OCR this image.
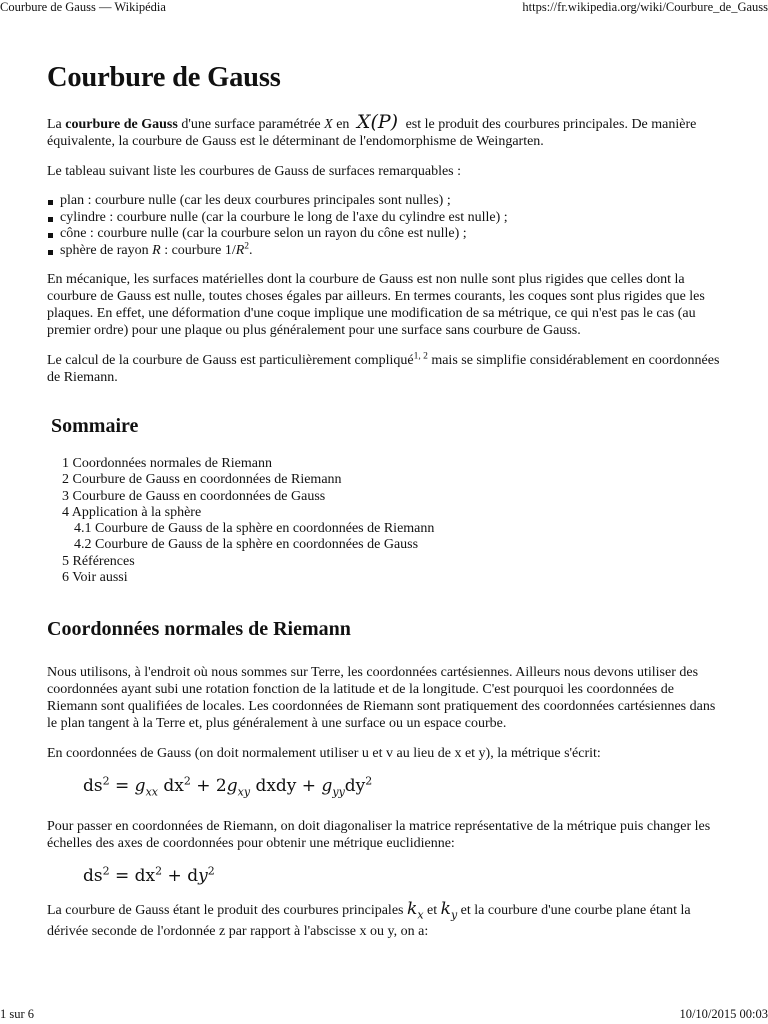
Courbure de Gauss — Wikipédia	https://fr.wikipedia.org/wiki/Courbure_de_Gauss
Courbure de Gauss

La courbure de Gauss d'une surface paramétrée X en X(P) est le produit des courbures principales. De manière équivalente, la courbure de Gauss est le déterminant de l'endomorphisme de Weingarten.

Le tableau suivant liste les courbures de Gauss de surfaces remarquables :

plan : courbure nulle (car les deux courbures principales sont nulles) ;
cylindre : courbure nulle (car la courbure le long de l'axe du cylindre est nulle) ;
cône : courbure nulle (car la courbure selon un rayon du cône est nulle) ;
sphère de rayon R : courbure $1/R^2$.

En mécanique, les surfaces matérielles dont la courbure de Gauss est non nulle sont plus rigides que celles dont la courbure de Gauss est nulle, toutes choses égales par ailleurs. En termes courants, les coques sont plus rigides que les plaques. En effet, une déformation d'une coque implique une modification de sa métrique, ce qui n'est pas le cas (au premier ordre) pour une plaque ou plus généralement pour une surface sans courbure de Gauss.

Le calcul de la courbure de Gauss est particulièrement compliqué$^{1, 2}$ mais se simplifie considérablement en coordonnées de Riemann.

Sommaire
1 Coordonnées normales de Riemann
2 Courbure de Gauss en coordonnées de Riemann
3 Courbure de Gauss en coordonnées de Gauss
4 Application à la sphère
4.1 Courbure de Gauss de la sphère en coordonnées de Riemann
4.2 Courbure de Gauss de la sphère en coordonnées de Gauss
5 Références
6 Voir aussi
Coordonnées normales de Riemann

Nous utilisons, à l'endroit où nous sommes sur Terre, les coordonnées cartésiennes. Ailleurs nous devons utiliser des coordonnées ayant subi une rotation fonction de la latitude et de la longitude. C'est pourquoi les coordonnées de Riemann sont qualifiées de locales. Les coordonnées de Riemann sont pratiquement des coordonnées cartésiennes dans le plan tangent à la Terre et, plus généralement à une surface ou un espace courbe.

En coordonnées de Gauss (on doit normalement utiliser u et v au lieu de x et y), la métrique s'écrit:

$ds^2 = g_{xx}$ $dx^2 + 2g_{xy}$ dxdy + $g_{yy}dy^2$

Pour passer en coordonnées de Riemann, on doit diagonaliser la matrice représentative de la métrique puis changer les échelles des axes de coordonnées pour obtenir une métrique euclidienne:

$ds^2 = dx^2 + dy^2$

La courbure de Gauss étant le produit des courbures principales $k_x$ et $k_y$ et la courbure d'une courbe plane étant la dérivée seconde de l'ordonnée z par rapport à l'abscisse x ou y, on a:

1 sur 6	10/10/2015 00:03
